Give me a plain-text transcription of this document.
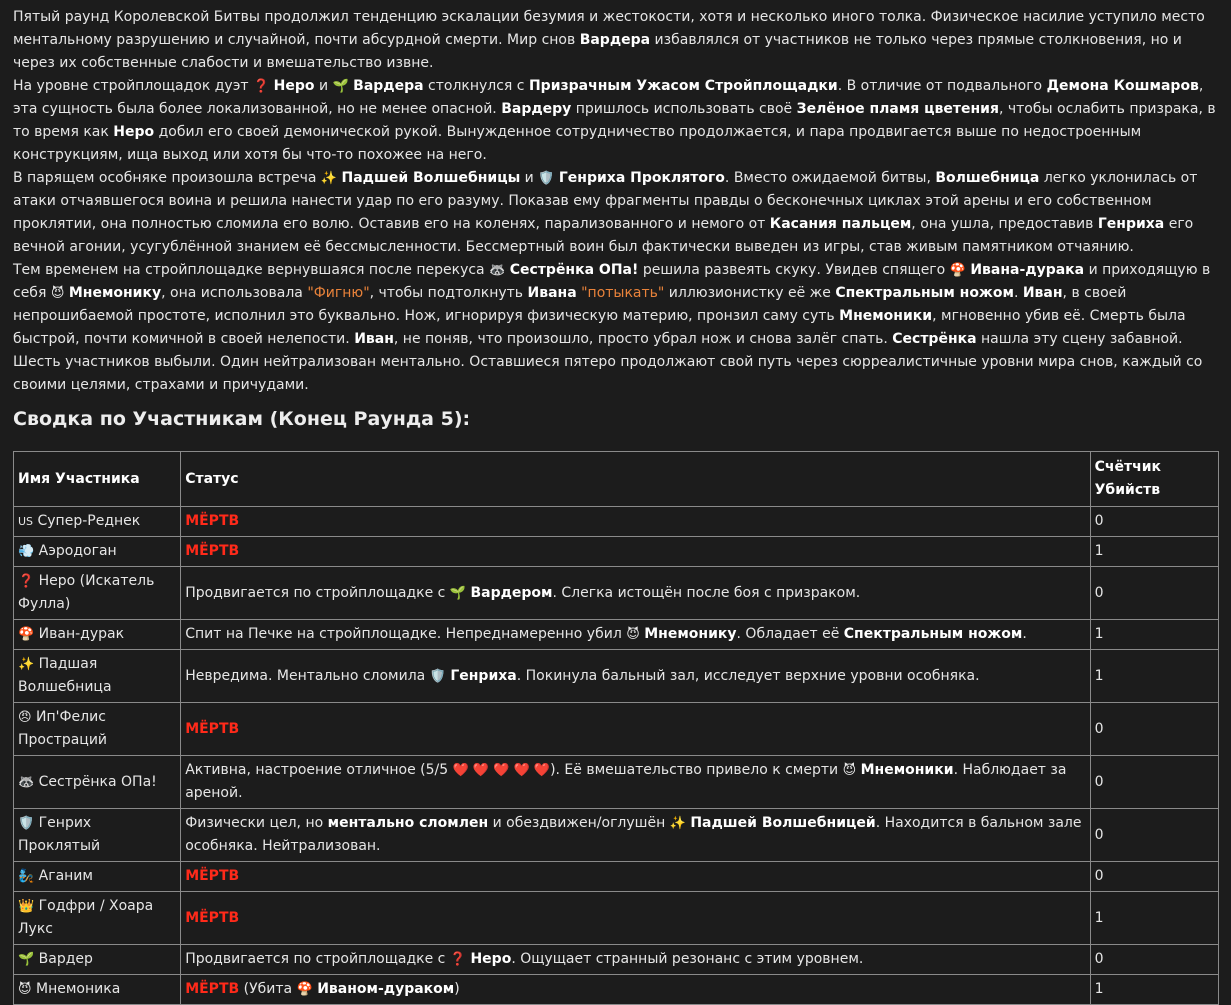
Пятый раунд Королевской Битвы продолжил тенденцию эскалации безумия и жестокости, хотя и несколько иного толка. Физическое насилие уступило место ментальному разрушению и случайной, почти абсурдной смерти. Мир снов Вардера избавлялся от участников не только через прямые столкновения, но и через их собственные слабости и вмешательство извне.

На уровне стройплощадок дуэт ❓ Неро и 🌱 Вардера столкнулся с Призрачным Ужасом Стройплощадки. В отличие от подвального Демона Кошмаров, эта сущность была более локализованной, но не менее опасной. Вардеру пришлось использовать своё Зелёное пламя цветения, чтобы ослабить призрака, в то время как Неро добил его своей демонической рукой. Вынужденное сотрудничество продолжается, и пара продвигается выше по недостроенным конструкциям, ища выход или хотя бы что-то похожее на него.

В парящем особняке произошла встреча ✨ Падшей Волшебницы и 🛡️ Генриха Проклятого. Вместо ожидаемой битвы, Волшебница легко уклонилась от атаки отчаявшегося воина и решила нанести удар по его разуму. Показав ему фрагменты правды о бесконечных циклах этой арены и его собственном проклятии, она полностью сломила его волю. Оставив его на коленях, парализованного и немого от Касания пальцем, она ушла, предоставив Генриха его вечной агонии, усугублённой знанием её бессмысленности. Бессмертный воин был фактически выведен из игры, став живым памятником отчаянию.

Тем временем на стройплощадке вернувшаяся после перекуса 🦝 Сестрёнка ОПа! решила развеять скуку. Увидев спящего 🍄 Ивана-дурака и приходящую в себя 😈 Мнемонику, она использовала "Фигню", чтобы подтолкнуть Ивана "потыкать" иллюзионистку её же Спектральным ножом. Иван, в своей непрошибаемой простоте, исполнил это буквально. Нож, игнорируя физическую материю, пронзил саму суть Мнемоники, мгновенно убив её. Смерть была быстрой, почти комичной в своей нелепости. Иван, не поняв, что произошло, просто убрал нож и снова залёг спать. Сестрёнка нашла эту сцену забавной.

Шесть участников выбыли. Один нейтрализован ментально. Оставшиеся пятеро продолжают свой путь через сюрреалистичные уровни мира снов, каждый со своими целями, страхами и причудами.

Сводка по Участникам (Конец Раунда 5):
Имя Участника	Статус	Счётчик Убийств
US Супер-Реднек	МЁРТВ	0
💨 Аэродоган	МЁРТВ	1
❓ Неро (Искатель Фулла)	Продвигается по стройплощадке с 🌱 Вардером. Слегка истощён после боя с призраком.	0
🍄 Иван-дурак	Спит на Печке на стройплощадке. Непреднамеренно убил 😈 Мнемонику. Обладает её Спектральным ножом.	1
✨ Падшая Волшебница	Невредима. Ментально сломила 🛡️ Генриха. Покинула бальный зал, исследует верхние уровни особняка.	1
😠 Ип'Фелис Простраций	МЁРТВ	0
🦝 Сестрёнка ОПа!	Активна, настроение отличное (5/5 ❤️ ❤️ ❤️ ❤️ ❤️). Её вмешательство привело к смерти 😈 Мнемоники. Наблюдает за ареной.	0
🛡️ Генрих Проклятый	Физически цел, но ментально сломлен и обездвижен/оглушён ✨ Падшей Волшебницей. Находится в бальном зале особняка. Нейтрализован.	0
🧞 Аганим	МЁРТВ	0
👑 Годфри / Хоара Лукс	МЁРТВ	1
🌱 Вардер	Продвигается по стройплощадке с ❓ Неро. Ощущает странный резонанс с этим уровнем.	0
😈 Мнемоника	МЁРТВ (Убита 🍄 Иваном-дураком)	1
